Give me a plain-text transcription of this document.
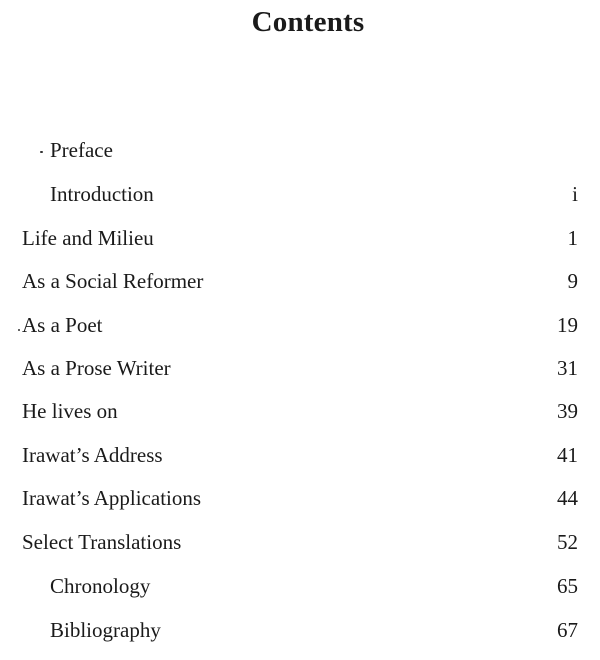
Contents
Preface
Introduction	i
Life and Milieu	1
As a Social Reformer	9
As a Poet	19
As a Prose Writer	31
He lives on	39
Irawat’s Address	41
Irawat’s Applications	44
Select Translations	52
Chronology	65
Bibliography	67
